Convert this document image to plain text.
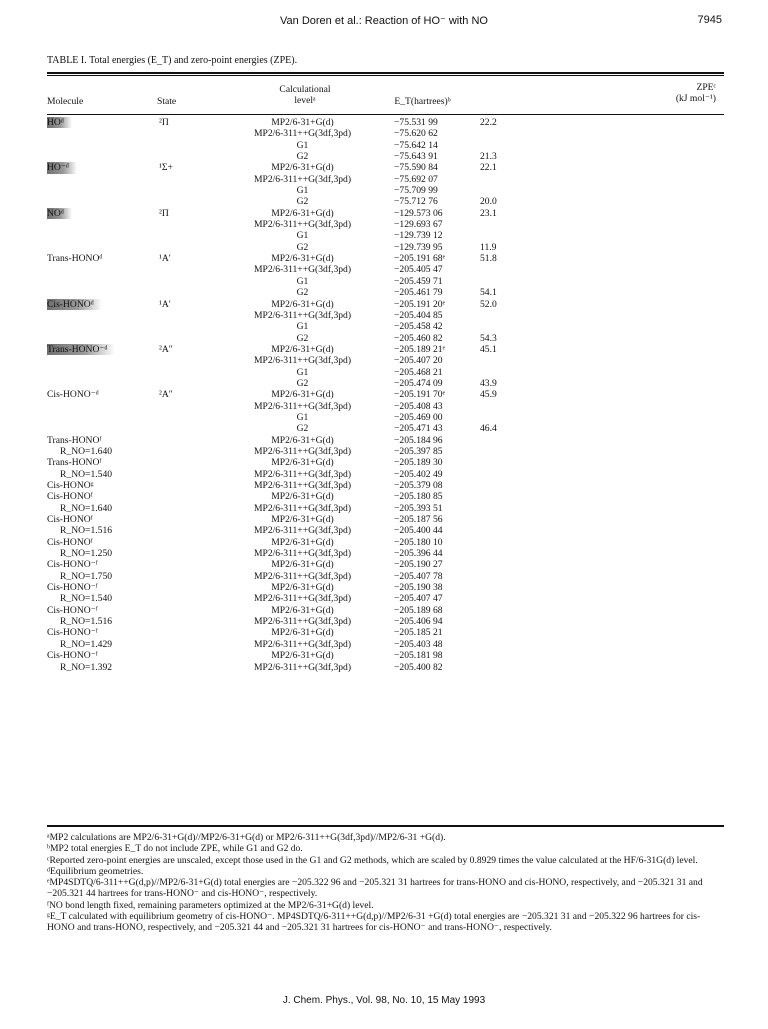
Van Doren et al.: Reaction of HO⁻ with NO	7945
TABLE I. Total energies (E_T) and zero-point energies (ZPE).
Molecule	State
Calculational
levelᵃ	E_T(hartrees)ᵇ
ZPEᶜ
(kJ mol⁻¹)
HOᵈ	²Π	MP2/6-31+G(d)	−75.531 99	22.2
MP2/6-311++G(3df,3pd)	−75.620 62
G1	−75.642 14
G2	−75.643 91	21.3
HO⁻ᵈ	¹Σ+	MP2/6-31+G(d)	−75.590 84	22.1
MP2/6-311++G(3df,3pd)	−75.692 07
G1	−75.709 99
G2	−75.712 76	20.0
NOᵈ	²Π	MP2/6-31+G(d)	−129.573 06	23.1
MP2/6-311++G(3df,3pd)	−129.693 67
G1	−129.739 12
G2	−129.739 95	11.9
Trans-HONOᵈ	¹A′	MP2/6-31+G(d)	−205.191 68ᵉ	51.8
MP2/6-311++G(3df,3pd)	−205.405 47
G1	−205.459 71
G2	−205.461 79	54.1
Cis-HONOᵈ	¹A′	MP2/6-31+G(d)	−205.191 20ᵉ	52.0
MP2/6-311++G(3df,3pd)	−205.404 85
G1	−205.458 42
G2	−205.460 82	54.3
Trans-HONO⁻ᵈ	²A″	MP2/6-31+G(d)	−205.189 21ᵉ	45.1
MP2/6-311++G(3df,3pd)	−205.407 20
G1	−205.468 21
G2	−205.474 09	43.9
Cis-HONO⁻ᵈ	²A″	MP2/6-31+G(d)	−205.191 70ᵉ	45.9
MP2/6-311++G(3df,3pd)	−205.408 43
G1	−205.469 00
G2	−205.471 43	46.4
Trans-HONOᶠ	MP2/6-31+G(d)	−205.184 96
R_NO=1.640	MP2/6-311++G(3df,3pd)	−205.397 85
Trans-HONOᶠ	MP2/6-31+G(d)	−205.189 30
R_NO=1.540	MP2/6-311++G(3df,3pd)	−205.402 49
Cis-HONOᵍ	MP2/6-311++G(3df,3pd)	−205.379 08
Cis-HONOᶠ	MP2/6-31+G(d)	−205.180 85
R_NO=1.640	MP2/6-311++G(3df,3pd)	−205.393 51
Cis-HONOᶠ	MP2/6-31+G(d)	−205.187 56
R_NO=1.516	MP2/6-311++G(3df,3pd)	−205.400 44
Cis-HONOᶠ	MP2/6-31+G(d)	−205.180 10
R_NO=1.250	MP2/6-311++G(3df,3pd)	−205.396 44
Cis-HONO⁻ᶠ	MP2/6-31+G(d)	−205.190 27
R_NO=1.750	MP2/6-311++G(3df,3pd)	−205.407 78
Cis-HONO⁻ᶠ	MP2/6-31+G(d)	−205.190 38
R_NO=1.540	MP2/6-311++G(3df,3pd)	−205.407 47
Cis-HONO⁻ᶠ	MP2/6-31+G(d)	−205.189 68
R_NO=1.516	MP2/6-311++G(3df,3pd)	−205.406 94
Cis-HONO⁻ᶠ	MP2/6-31+G(d)	−205.185 21
R_NO=1.429	MP2/6-311++G(3df,3pd)	−205.403 48
Cis-HONO⁻ᶠ	MP2/6-31+G(d)	−205.181 98
R_NO=1.392	MP2/6-311++G(3df,3pd)	−205.400 82
ᵃMP2 calculations are MP2/6-31+G(d)//MP2/6-31+G(d) or MP2/6-311++G(3df,3pd)//MP2/6-31 +G(d).
ᵇMP2 total energies E_T do not include ZPE, while G1 and G2 do.
ᶜReported zero-point energies are unscaled, except those used in the G1 and G2 methods, which are scaled by 0.8929 times the value calculated at the HF/6-31G(d) level.
ᵈEquilibrium geometries.
ᵉMP4SDTQ/6-311++G(d,p)//MP2/6-31+G(d) total energies are −205.322 96 and −205.321 31 hartrees for trans-HONO and cis-HONO, respectively, and −205.321 31 and −205.321 44 hartrees for trans-HONO⁻ and cis-HONO⁻, respectively.
ᶠNO bond length fixed, remaining parameters optimized at the MP2/6-31+G(d) level.
ᵍE_T calculated with equilibrium geometry of cis-HONO⁻. MP4SDTQ/6-311++G(d,p)//MP2/6-31 +G(d) total energies are −205.321 31 and −205.322 96 hartrees for cis-HONO and trans-HONO, respectively, and −205.321 44 and −205.321 31 hartrees for cis-HONO⁻ and trans-HONO⁻, respectively.
J. Chem. Phys., Vol. 98, No. 10, 15 May 1993
